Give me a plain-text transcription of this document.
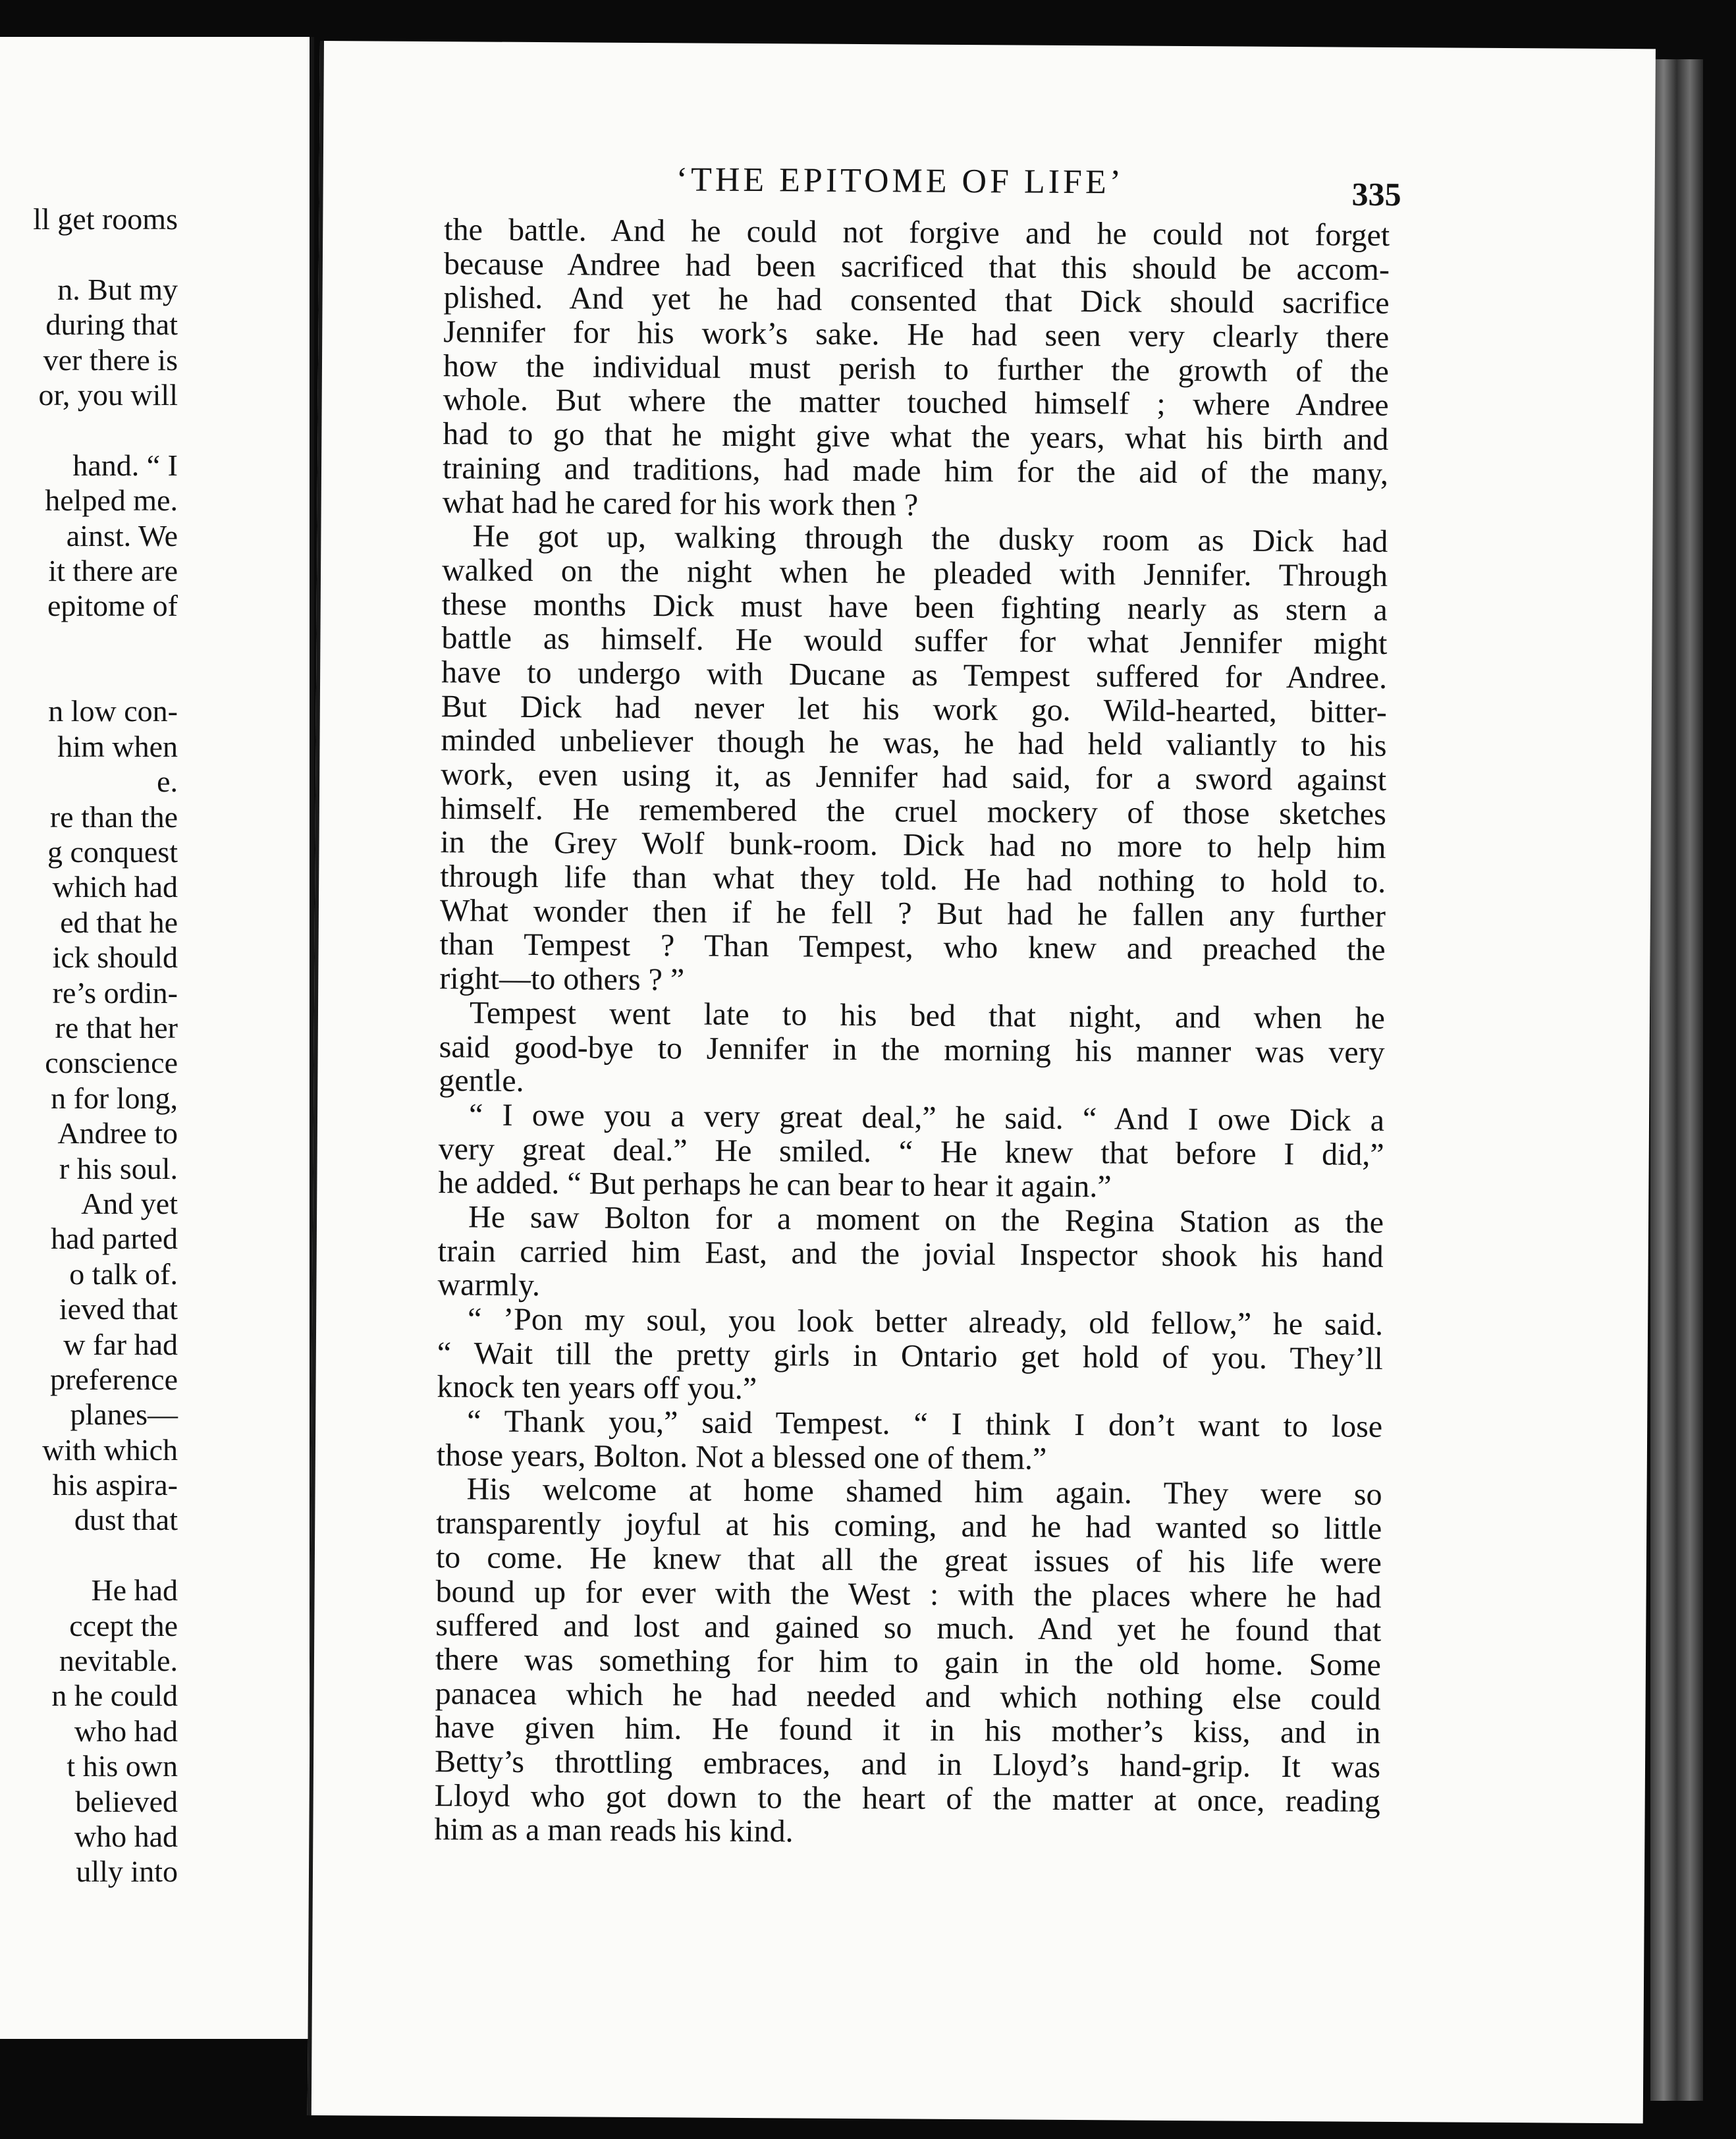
ll get rooms
n. But my
during that
ver there is
or, you will
hand. “ I
helped me.
ainst. We
it there are
epitome of
n low con-
him when
e.
re than the
g conquest
which had
ed that he
ick should
re’s ordin-
re that her
conscience
n for long,
Andree to
r his soul.
And yet
had parted
o talk of.
ieved that
w far had
preference
planes—
with which
his aspira-
dust that
He had
ccept the
nevitable.
n he could
who had
t his own
believed
who had
ully into
‘THE EPITOME OF LIFE’	335
the battle. And he could not forgive and he could not forget
because Andree had been sacrificed that this should be accom-
plished. And yet he had consented that Dick should sacrifice
Jennifer for his work’s sake. He had seen very clearly there
how the individual must perish to further the growth of the
whole. But where the matter touched himself ; where Andree
had to go that he might give what the years, what his birth and
training and traditions, had made him for the aid of the many,
what had he cared for his work then ?
He got up, walking through the dusky room as Dick had
walked on the night when he pleaded with Jennifer. Through
these months Dick must have been fighting nearly as stern a
battle as himself. He would suffer for what Jennifer might
have to undergo with Ducane as Tempest suffered for Andree.
But Dick had never let his work go. Wild-hearted, bitter-
minded unbeliever though he was, he had held valiantly to his
work, even using it, as Jennifer had said, for a sword against
himself. He remembered the cruel mockery of those sketches
in the Grey Wolf bunk-room. Dick had no more to help him
through life than what they told. He had nothing to hold to.
What wonder then if he fell ? But had he fallen any further
than Tempest ? Than Tempest, who knew and preached the
right—to others ? ”
Tempest went late to his bed that night, and when he
said good-bye to Jennifer in the morning his manner was very
gentle.
“ I owe you a very great deal,” he said. “ And I owe Dick a
very great deal.” He smiled. “ He knew that before I did,”
he added. “ But perhaps he can bear to hear it again.”
He saw Bolton for a moment on the Regina Station as the
train carried him East, and the jovial Inspector shook his hand
warmly.
“ ’Pon my soul, you look better already, old fellow,” he said.
“ Wait till the pretty girls in Ontario get hold of you. They’ll
knock ten years off you.”
“ Thank you,” said Tempest. “ I think I don’t want to lose
those years, Bolton. Not a blessed one of them.”
His welcome at home shamed him again. They were so
transparently joyful at his coming, and he had wanted so little
to come. He knew that all the great issues of his life were
bound up for ever with the West : with the places where he had
suffered and lost and gained so much. And yet he found that
there was something for him to gain in the old home. Some
panacea which he had needed and which nothing else could
have given him. He found it in his mother’s kiss, and in
Betty’s throttling embraces, and in Lloyd’s hand-grip. It was
Lloyd who got down to the heart of the matter at once, reading
him as a man reads his kind.
